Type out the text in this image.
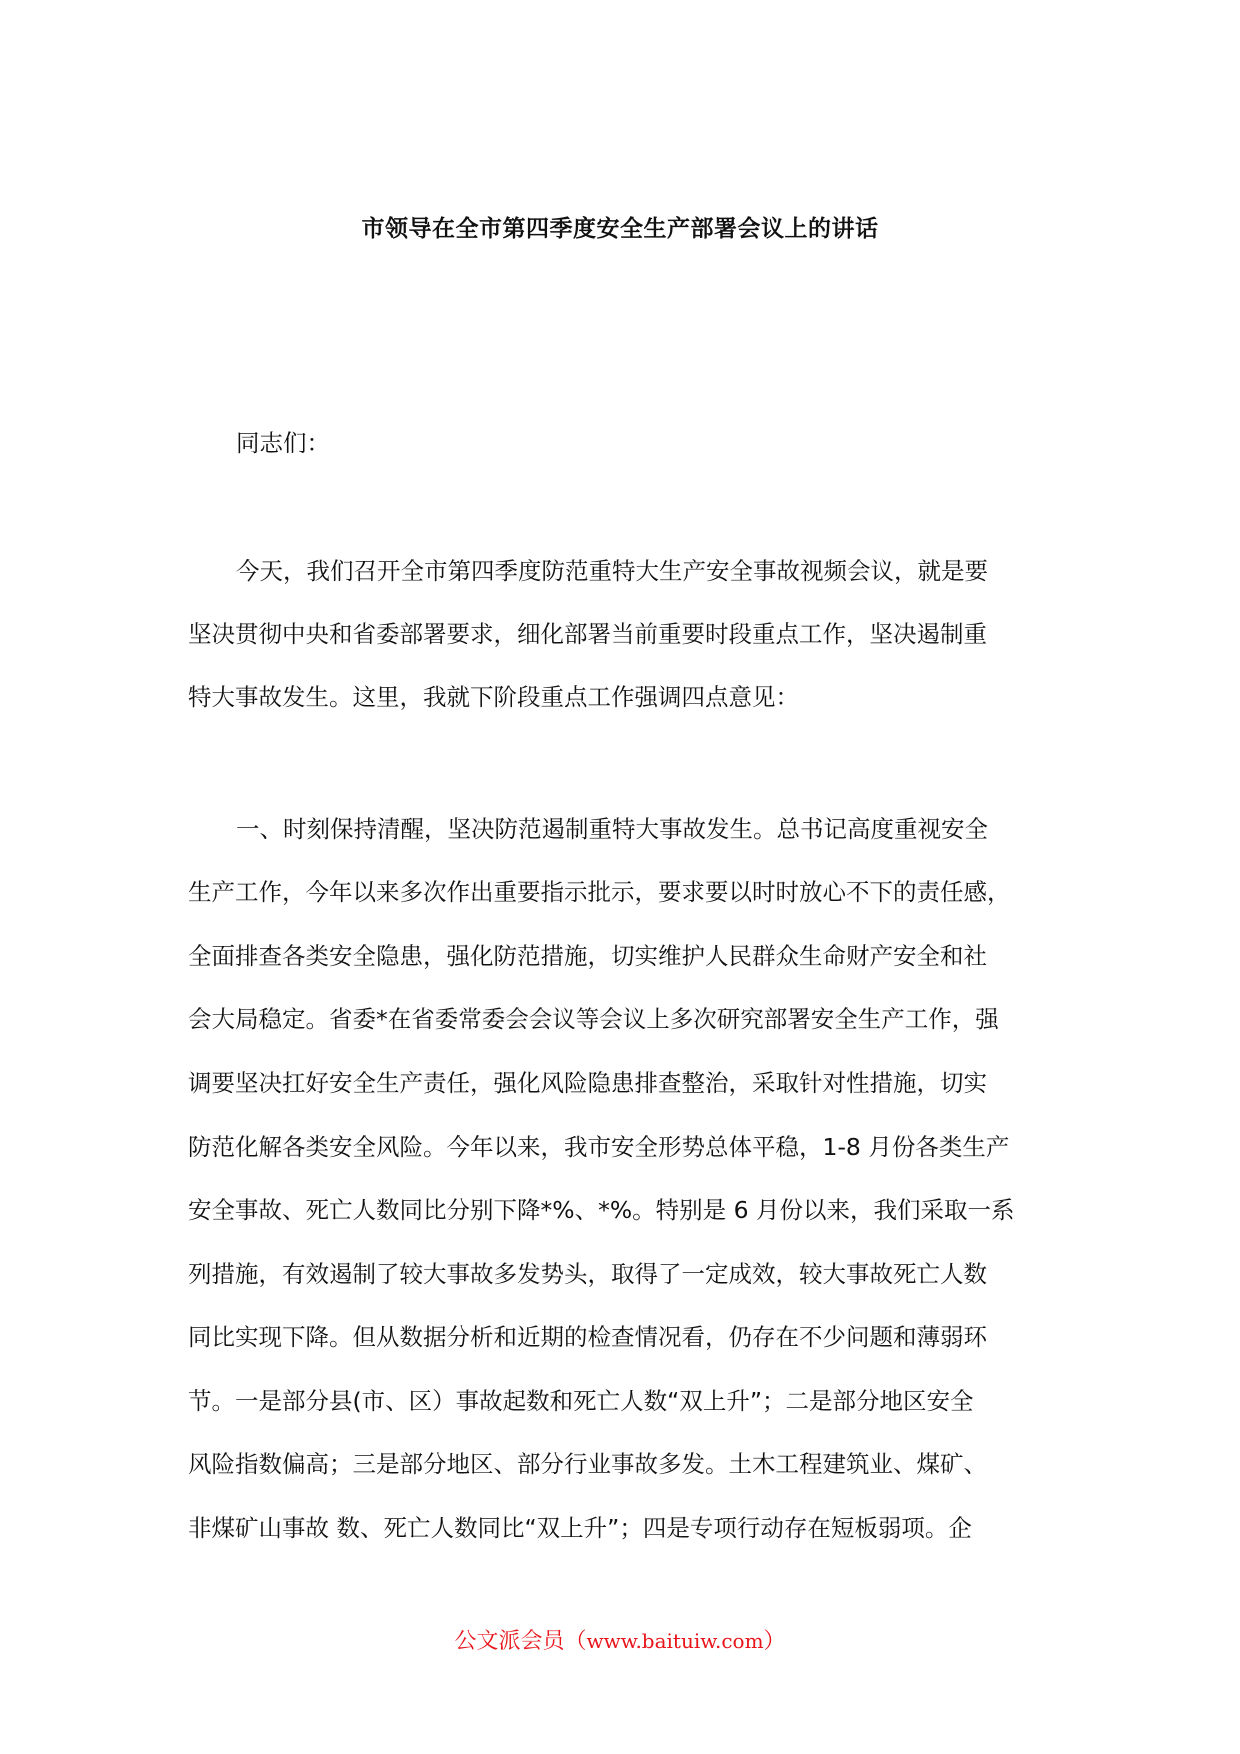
市领导在全市第四季度安全生产部署会议上的讲话
同志们：
今天，我们召开全市第四季度防范重特大生产安全事故视频会议，就是要
坚决贯彻中央和省委部署要求，细化部署当前重要时段重点工作，坚决遏制重
特大事故发生。这里，我就下阶段重点工作强调四点意见：
一、时刻保持清醒，坚决防范遏制重特大事故发生。总书记高度重视安全
生产工作，今年以来多次作出重要指示批示，要求要以时时放心不下的责任感，
全面排查各类安全隐患，强化防范措施，切实维护人民群众生命财产安全和社
会大局稳定。省委*在省委常委会会议等会议上多次研究部署安全生产工作，强
调要坚决扛好安全生产责任，强化风险隐患排查整治，采取针对性措施，切实
防范化解各类安全风险。今年以来，我市安全形势总体平稳，1-8 月份各类生产
安全事故、死亡人数同比分别下降*%、*%。特别是 6 月份以来，我们采取一系
列措施，有效遏制了较大事故多发势头，取得了一定成效，较大事故死亡人数
同比实现下降。但从数据分析和近期的检查情况看，仍存在不少问题和薄弱环
节。一是部分县(市、区）事故起数和死亡人数“双上升”；二是部分地区安全
风险指数偏高；三是部分地区、部分行业事故多发。土木工程建筑业、煤矿、
非煤矿山事故 数、死亡人数同比“双上升”；四是专项行动存在短板弱项。企
公文派会员（www.baituiw.com）
